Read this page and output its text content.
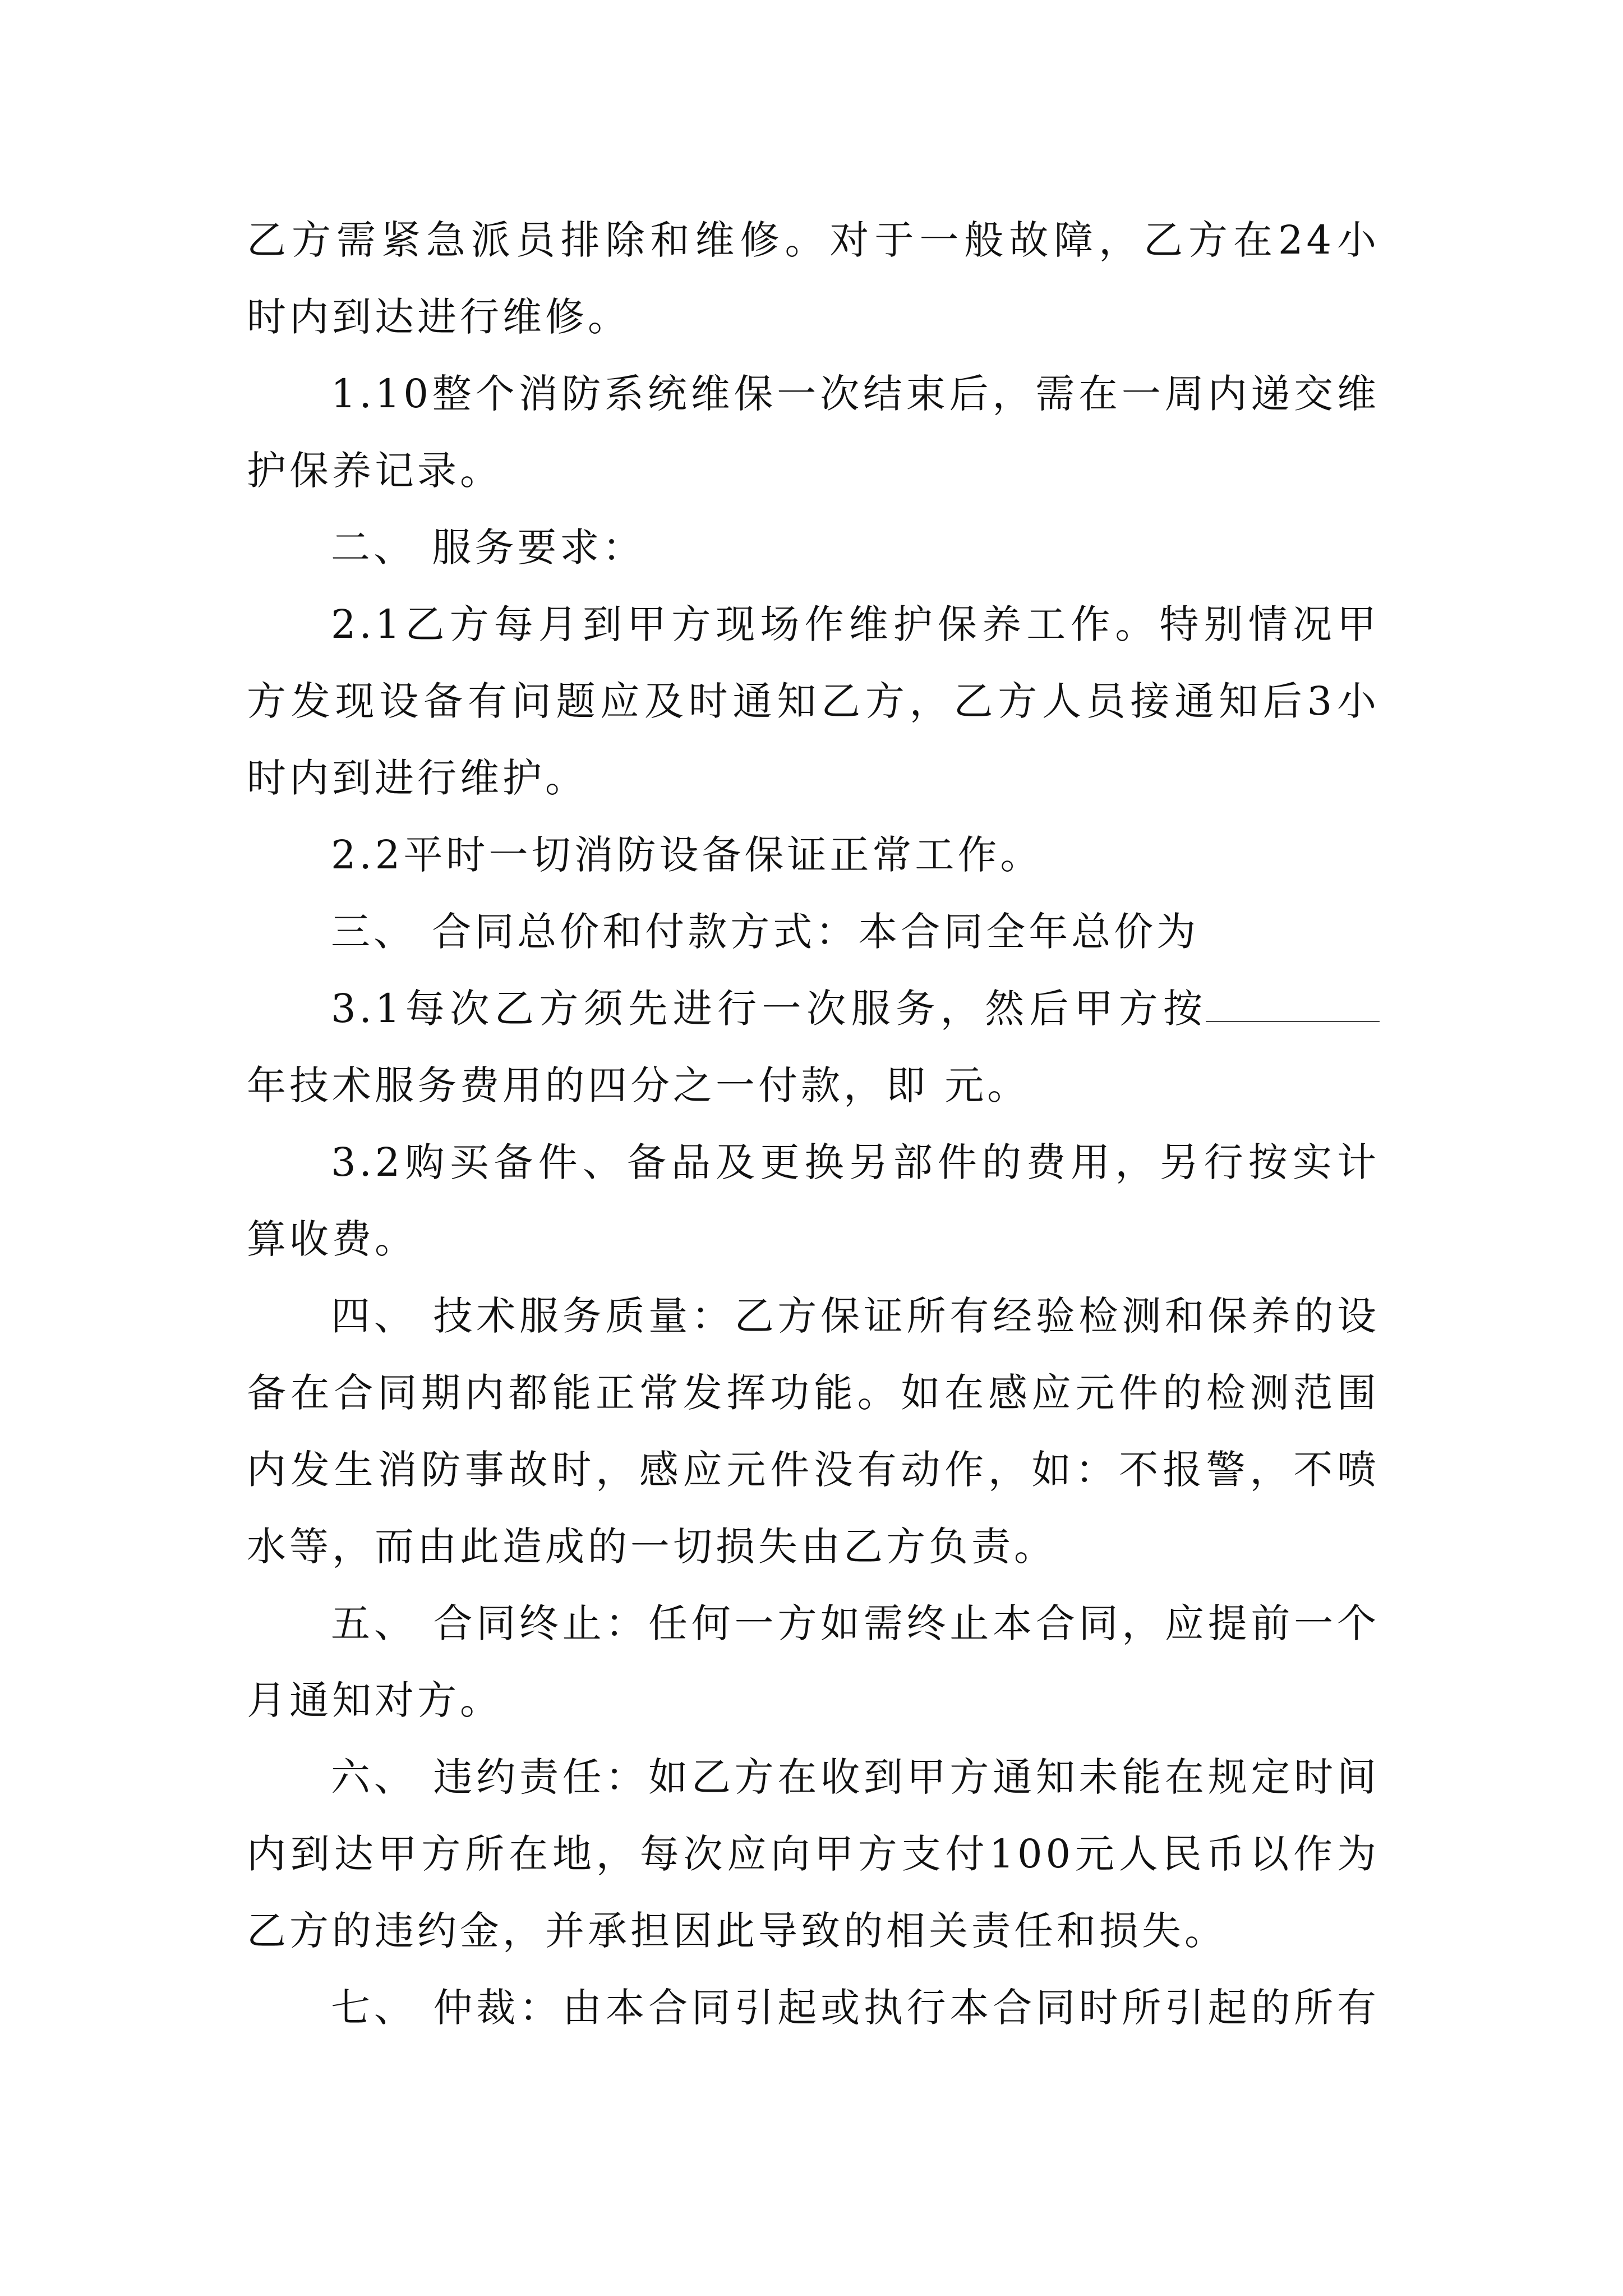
乙方需紧急派员排除和维修。对于一般故障，乙方在24小
时内到达进行维修。
1.10整个消防系统维保一次结束后，需在一周内递交维
护保养记录。
二、 服务要求：
2.1乙方每月到甲方现场作维护保养工作。特别情况甲
方发现设备有问题应及时通知乙方，乙方人员接通知后3小
时内到进行维护。
2.2平时一切消防设备保证正常工作。
三、 合同总价和付款方式：本合同全年总价为
3.1每次乙方须先进行一次服务，然后甲方按
年技术服务费用的四分之一付款，即 元。
3.2购买备件、备品及更换另部件的费用，另行按实计
算收费。
四、 技术服务质量：乙方保证所有经验检测和保养的设
备在合同期内都能正常发挥功能。如在感应元件的检测范围
内发生消防事故时，感应元件没有动作，如：不报警，不喷
水等，而由此造成的一切损失由乙方负责。
五、 合同终止：任何一方如需终止本合同，应提前一个
月通知对方。
六、 违约责任：如乙方在收到甲方通知未能在规定时间
内到达甲方所在地，每次应向甲方支付100元人民币以作为
乙方的违约金，并承担因此导致的相关责任和损失。
七、 仲裁：由本合同引起或执行本合同时所引起的所有
